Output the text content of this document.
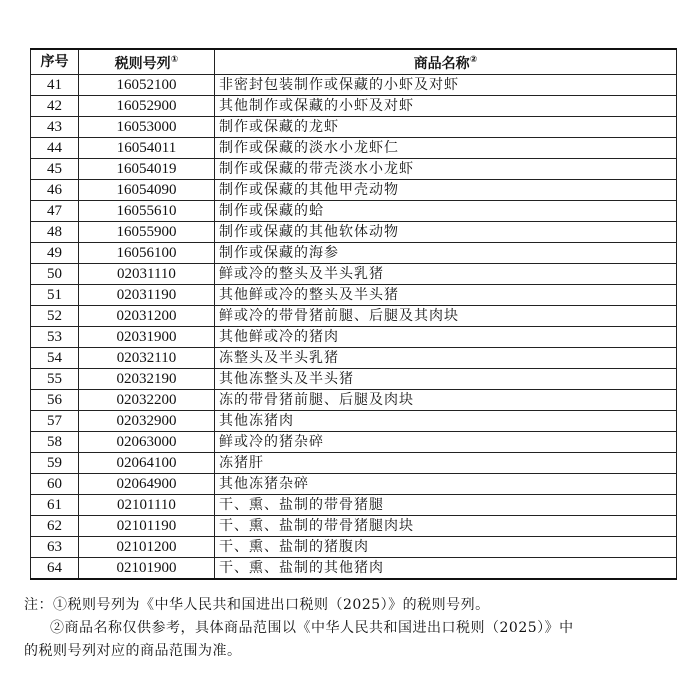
序号	税则号列①	商品名称②
41	16052100	非密封包装制作或保藏的小虾及对虾
42	16052900	其他制作或保藏的小虾及对虾
43	16053000	制作或保藏的龙虾
44	16054011	制作或保藏的淡水小龙虾仁
45	16054019	制作或保藏的带壳淡水小龙虾
46	16054090	制作或保藏的其他甲壳动物
47	16055610	制作或保藏的蛤
48	16055900	制作或保藏的其他软体动物
49	16056100	制作或保藏的海参
50	02031110	鲜或冷的整头及半头乳猪
51	02031190	其他鲜或冷的整头及半头猪
52	02031200	鲜或冷的带骨猪前腿、后腿及其肉块
53	02031900	其他鲜或冷的猪肉
54	02032110	冻整头及半头乳猪
55	02032190	其他冻整头及半头猪
56	02032200	冻的带骨猪前腿、后腿及肉块
57	02032900	其他冻猪肉
58	02063000	鲜或冷的猪杂碎
59	02064100	冻猪肝
60	02064900	其他冻猪杂碎
61	02101110	干、熏、盐制的带骨猪腿
62	02101190	干、熏、盐制的带骨猪腿肉块
63	02101200	干、熏、盐制的猪腹肉
64	02101900	干、熏、盐制的其他猪肉
注：①税则号列为《中华人民共和国进出口税则（2025）》的税则号列。
②商品名称仅供参考，具体商品范围以《中华人民共和国进出口税则（2025）》中
的税则号列对应的商品范围为准。
